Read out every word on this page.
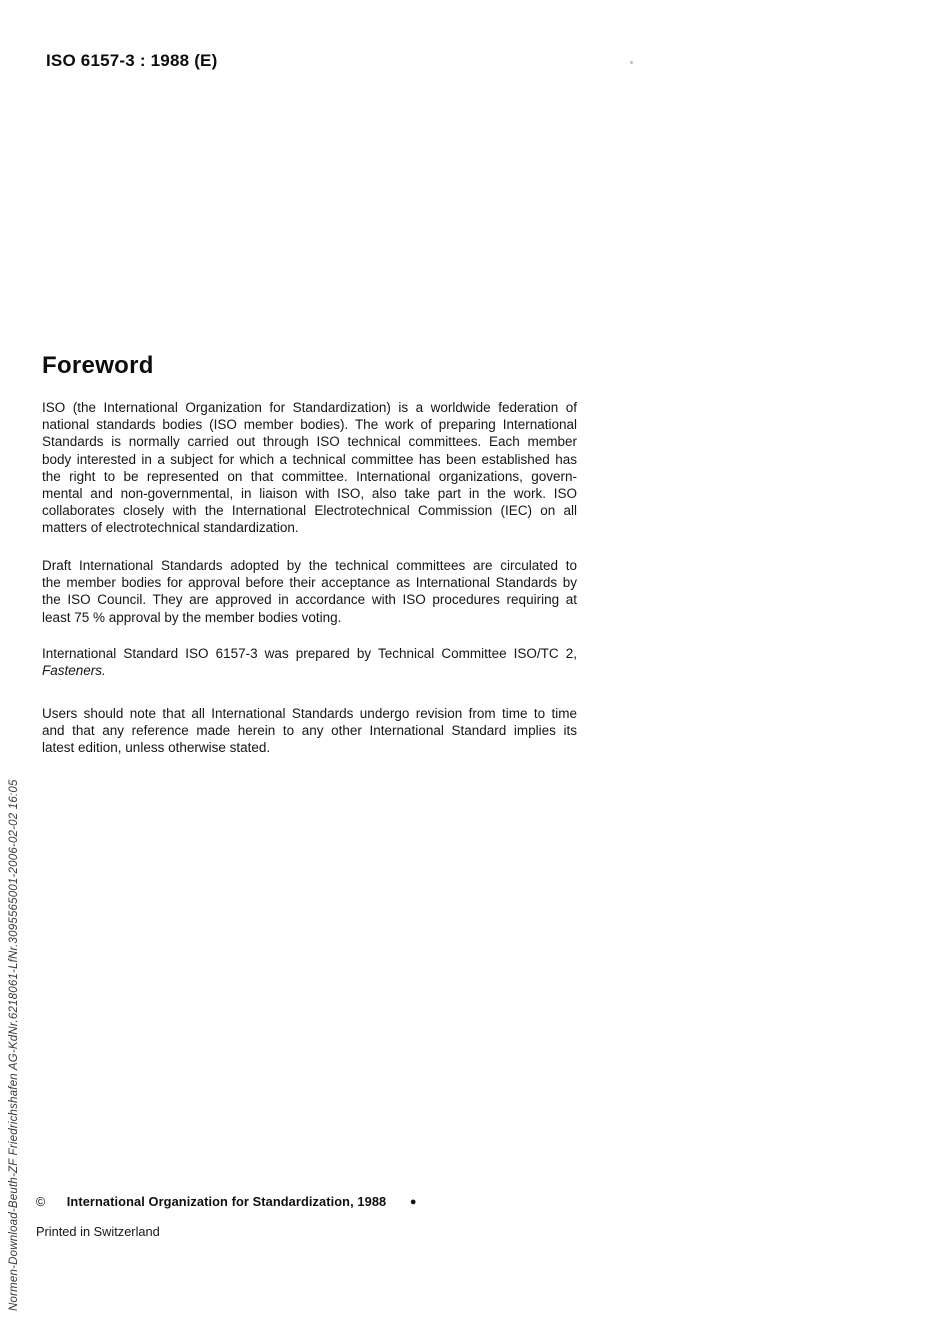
ISO 6157-3 : 1988 (E)
Foreword
ISO (the International Organization for Standardization) is a worldwide federation of
national standards bodies (ISO member bodies). The work of preparing International
Standards is normally carried out through ISO technical committees. Each member
body interested in a subject for which a technical committee has been established has
the right to be represented on that committee. International organizations, govern-
mental and non-governmental, in liaison with ISO, also take part in the work. ISO
collaborates closely with the International Electrotechnical Commission (IEC) on all
matters of electrotechnical standardization.
Draft International Standards adopted by the technical committees are circulated to
the member bodies for approval before their acceptance as International Standards by
the ISO Council. They are approved in accordance with ISO procedures requiring at
least 75 % approval by the member bodies voting.
International Standard ISO 6157-3 was prepared by Technical Committee ISO/TC 2,
Fasteners.
Users should note that all International Standards undergo revision from time to time
and that any reference made herein to any other International Standard implies its
latest edition, unless otherwise stated.
© International Organization for Standardization, 1988 ●
Printed in Switzerland
Normen-Download-Beuth-ZF Friedrichshafen AG-KdNr.6218061-LfNr.3095565001-2006-02-02 16:05
